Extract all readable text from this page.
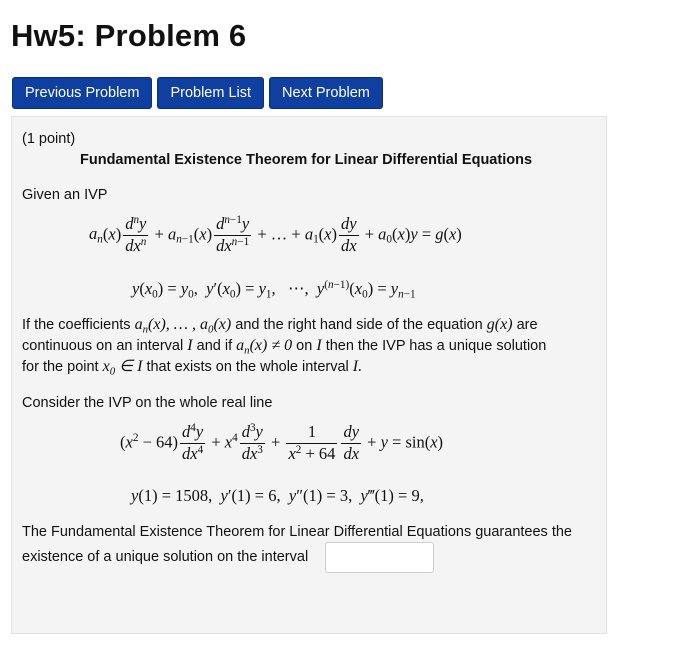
Hw5: Problem 6
Previous Problem	Problem List	Next Problem
(1 point)
Fundamental Existence Theorem for Linear Differential Equations
Given an IVP
$a_n(x) \frac{d^ny}{dx^n} + a_{n-1}(x) \frac{d^{n-1}y}{dx^{n-1}}$ + … + $a_1(x) \frac{dy}{dx} + a_0(x)y = g(x)$
$y(x_0) = y_0$,  $y'(x_0) = y_1$,   ⋯,  $y^{(n-1)}(x_0) = y_{n-1}$
If the coefficients $a_n(x)$, … , $a_0(x)$ and the right hand side of the equation g(x) are
continuous on an interval I and if $a_n(x) \ne 0$ on I then the IVP has a unique solution
for the point $x_0$ ∈ I that exists on the whole interval I.
Consider the IVP on the whole real line
$(x^2 - 64) \frac{d^4y}{dx^4} + x^4 \frac{d^3y}{dx^3} + \frac{1}{x^2 + 64} \frac{dy}{dx} + y = \sin(x)$
y(1) = 1508,  y′(1) = 6,  y″(1) = 3,  y‴(1) = 9,
The Fundamental Existence Theorem for Linear Differential Equations guarantees the
existence of a unique solution on the interval
